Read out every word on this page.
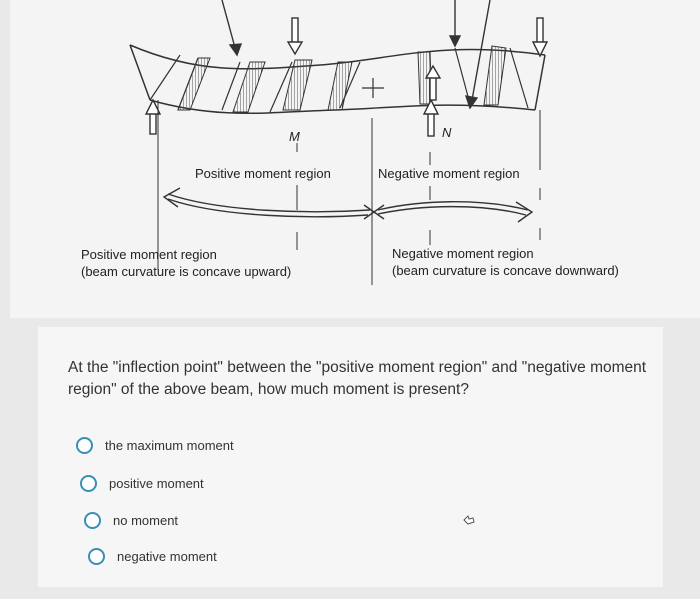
M	N
Positive moment region	Negative moment region
Positive moment region
(beam curvature is concave upward)
Negative moment region
(beam curvature is concave downward)
At the "inflection point" between the "positive moment region" and "negative moment region" of the above beam, how much moment is present?
the maximum moment
positive moment
no moment
negative moment
